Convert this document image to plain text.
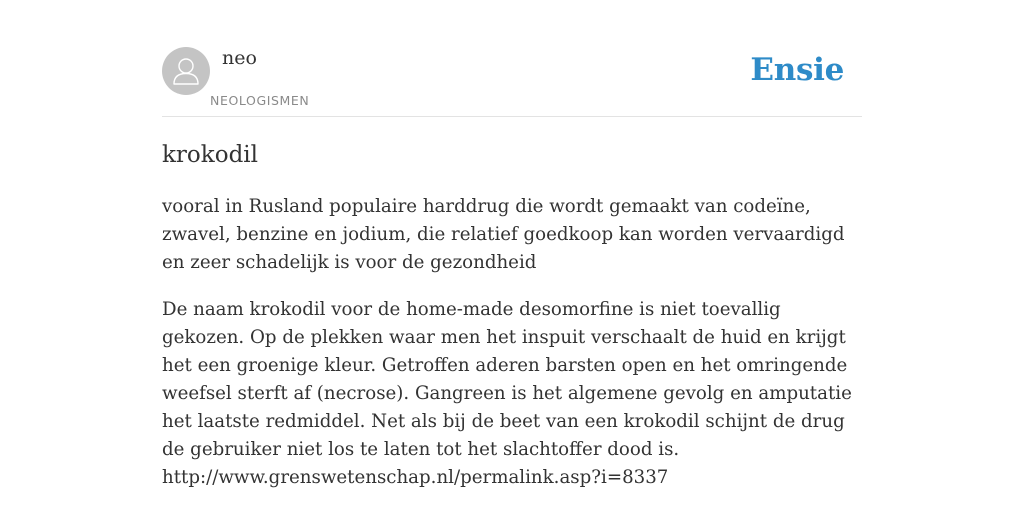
neo
NEOLOGISMEN
Ensie
krokodil

vooral in Rusland populaire harddrug die wordt gemaakt van codeïne, zwavel, benzine en jodium, die relatief goedkoop kan worden vervaardigd en zeer schadelijk is voor de gezondheid

De naam krokodil voor de home-made desomorfine is niet toevallig gekozen. Op de plekken waar men het inspuit verschaalt de huid en krijgt het een groenige kleur. Getroffen aderen barsten open en het omringende weefsel sterft af (necrose). Gangreen is het algemene gevolg en amputatie het laatste redmiddel. Net als bij de beet van een krokodil schijnt de drug de gebruiker niet los te laten tot het slachtoffer dood is.
http://www.grenswetenschap.nl/permalink.asp?i=8337
